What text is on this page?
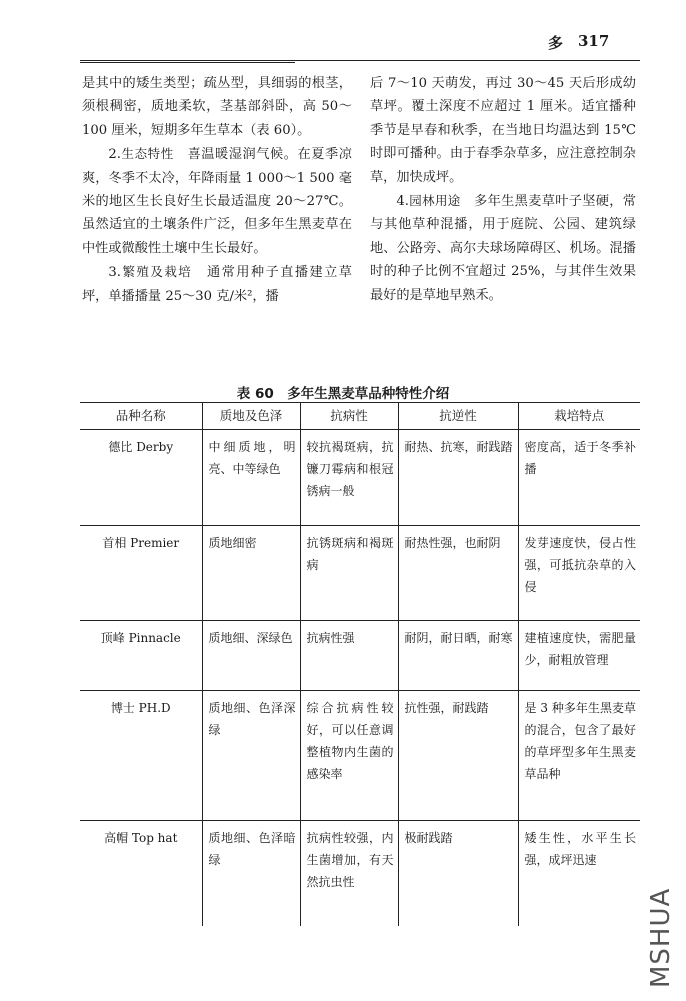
多 317

是其中的矮生类型；疏丛型，具细弱的根茎，须根稠密，质地柔软，茎基部斜卧，高 50～100 厘米，短期多年生草本（表 60）。

2.生态特性　 喜温暖湿润气候。在夏季凉爽，冬季不太冷，年降雨量 1 000～1 500 毫米的地区生长良好生长最适温度 20～27℃。虽然适宜的土壤条件广泛，但多年生黑麦草在中性或微酸性土壤中生长最好。

3.繁殖及栽培　 通常用种子直播建立草坪，单播播量 25～30 克/米²，播

后 7～10 天萌发，再过 30～45 天后形成幼草坪。覆土深度不应超过 1 厘米。适宜播种季节是早春和秋季，在当地日均温达到 15℃时即可播种。由于春季杂草多，应注意控制杂草，加快成坪。

4.园林用途　 多年生黑麦草叶子坚硬，常与其他草种混播，用于庭院、公园、建筑绿地、公路旁、高尔夫球场障碍区、机场。混播时的种子比例不宜超过 25%，与其伴生效果最好的是草地早熟禾。

表 60　多年生黑麦草品种特性介绍
品种名称	质地及色泽	抗病性	抗逆性	栽培特点
德比 Derby	中细质地，明亮、中等绿色	较抗褐斑病，抗镰刀霉病和根冠锈病一般	耐热、抗寒，耐践踏	密度高，适于冬季补播
首相 Premier	质地细密	抗锈斑病和褐斑病	耐热性强，也耐阴	发芽速度快，侵占性强，可抵抗杂草的入侵
顶峰 Pinnacle	质地细、深绿色	抗病性强	耐阴，耐日晒，耐寒	建植速度快，需肥量少，耐粗放管理
博士 PH.D	质地细、色泽深绿	综合抗病性较好，可以任意调整植物内生菌的感染率	抗性强，耐践踏	是 3 种多年生黑麦草的混合，包含了最好的草坪型多年生黑麦草品种
高帽 Top hat	质地细、色泽暗绿	抗病性较强，内生菌增加，有天然抗虫性	极耐践踏	矮生性，水平生长强，成坪迅速
MSHUA
